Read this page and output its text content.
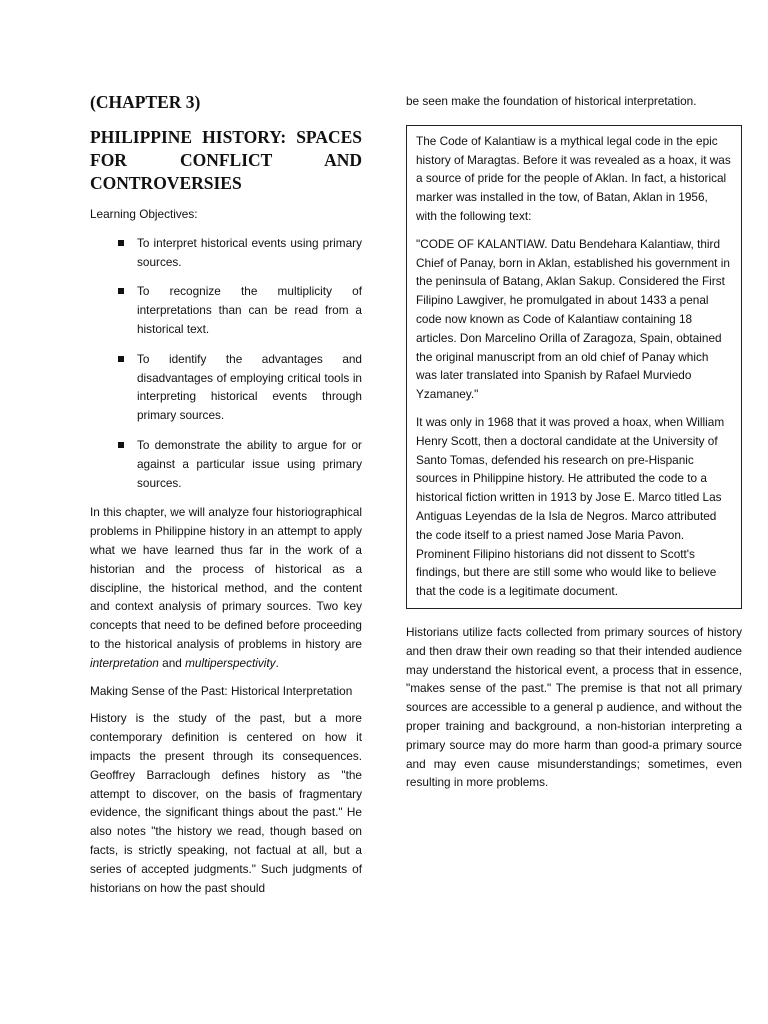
(CHAPTER 3)
PHILIPPINE HISTORY: SPACES
FOR CONFLICT AND
CONTROVERSIES
Learning Objectives:
To interpret historical events using primary sources.
To recognize the multiplicity of interpretations than can be read from a historical text.
To identify the advantages and disadvantages of employing critical tools in interpreting historical events through primary sources.
To demonstrate the ability to argue for or against a particular issue using primary sources.

In this chapter, we will analyze four historiographical problems in Philippine history in an attempt to apply what we have learned thus far in the work of a historian and the process of historical as a discipline, the historical method, and the content and context analysis of primary sources. Two key concepts that need to be defined before proceeding to the historical analysis of problems in history are interpretation and multiperspectivity.

Making Sense of the Past: Historical Interpretation

History is the study of the past, but a more contemporary definition is centered on how it impacts the present through its consequences. Geoffrey Barraclough defines history as "the attempt to discover, on the basis of fragmentary evidence, the significant things about the past." He also notes "the history we read, though based on facts, is strictly speaking, not factual at all, but a series of accepted judgments." Such judgments of historians on how the past should

be seen make the foundation of historical interpretation.

The Code of Kalantiaw is a mythical legal code in the epic history of Maragtas. Before it was revealed as a hoax, it was a source of pride for the people of Aklan. In fact, a historical marker was installed in the tow, of Batan, Aklan in 1956, with the following text:

"CODE OF KALANTIAW. Datu Bendehara Kalantiaw, third Chief of Panay, born in Aklan, established his government in the peninsula of Batang, Aklan Sakup. Considered the First Filipino Lawgiver, he promulgated in about 1433 a penal code now known as Code of Kalantiaw containing 18 articles. Don Marcelino Orilla of Zaragoza, Spain, obtained the original manuscript from an old chief of Panay which was later translated into Spanish by Rafael Murviedo Yzamaney."

It was only in 1968 that it was proved a hoax, when William Henry Scott, then a doctoral candidate at the University of Santo Tomas, defended his research on pre-Hispanic sources in Philippine history. He attributed the code to a historical fiction written in 1913 by Jose E. Marco titled Las Antiguas Leyendas de la Isla de Negros. Marco attributed the code itself to a priest named Jose Maria Pavon. Prominent Filipino historians did not dissent to Scott's findings, but there are still some who would like to believe that the code is a legitimate document.

Historians utilize facts collected from primary sources of history and then draw their own reading so that their intended audience may understand the historical event, a process that in essence, "makes sense of the past." The premise is that not all primary sources are accessible to a general p audience, and without the proper training and background, a non-historian interpreting a primary source may do more harm than good-a primary source and may even cause misunderstandings; sometimes, even resulting in more problems.
